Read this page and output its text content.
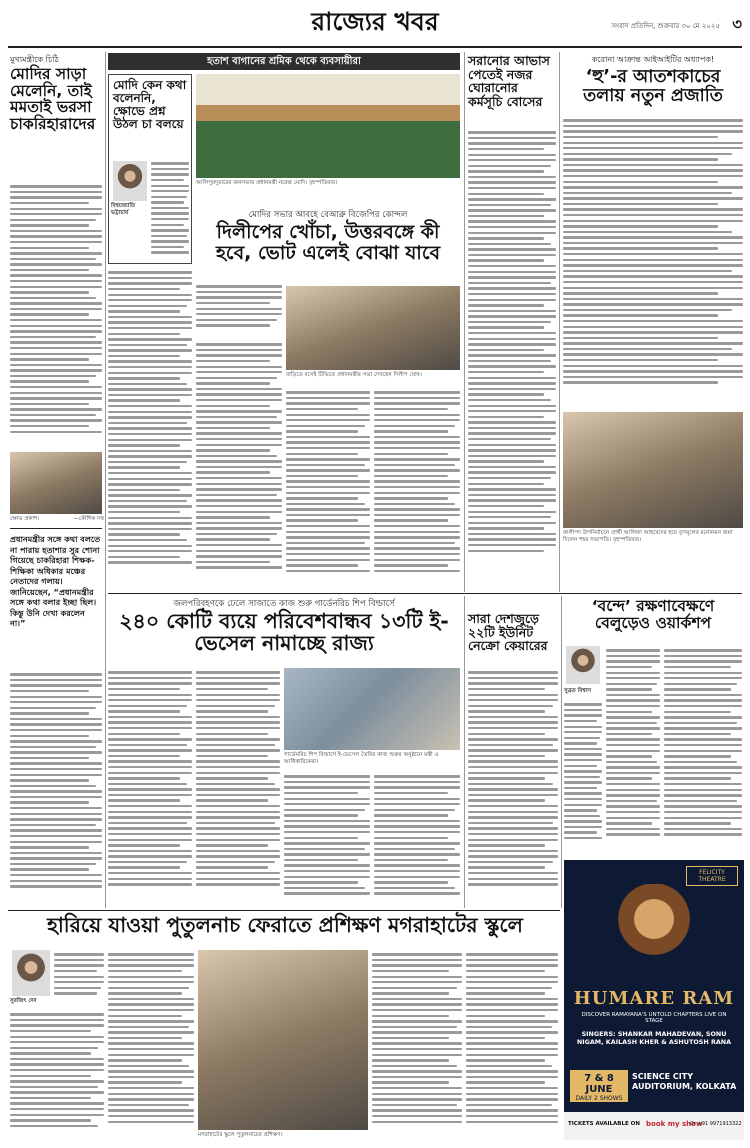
রাজ্যের খবর	সংবাদ প্রতিদিন, শুক্রবার ৩০ মে ২০২৫ ৩
মুখ্যমন্ত্রীকে চিঠি
মোদির সাড়া মেলেনি, তাই মমতাই ভরসা চাকরিহারাদের
ক্ষোভ প্রকাশ।	—কৌশিক দত্ত
প্রধানমন্ত্রীর সঙ্গে কথা বলতে না পারায় হতাশার সুর শোনা গিয়েছে চাকরিহারা শিক্ষক-শিক্ষিকা অধিকার মঞ্চের নেতাদের গলায়। জানিয়েছেন, “প্রধানমন্ত্রীর সঙ্গে কথা বলার ইচ্ছা ছিল। কিন্তু উনি দেখা করলেন না।”
হতাশ বাগানের শ্রমিক থেকে ব্যবসায়ীরা
মোদি কেন কথা বলেননি, ক্ষোভে প্রশ্ন উঠল চা বলয়ে
বিশ্বজ্যোতি ভট্টাচার্য
আলিপুরদুয়ারের জনসভায় প্রধানমন্ত্রী নরেন্দ্র মোদি। বৃহস্পতিবার।
মোদির সভার আবহে বেআব্রু বিজেপির কোন্দল
দিলীপের খোঁচা, উত্তরবঙ্গে কী হবে, ভোট এলেই বোঝা যাবে
বাড়িতে বসেই টিভিতে প্রধানমন্ত্রীর সভা দেখছেন দিলীপ ঘোষ।
সরানোর আভাস পেতেই নজর ঘোরানোর কর্মসূচি বোসের
করোনা আক্রান্ত আইআইটির অধ্যাপক!
‘হু’-র আতশকাচের তলায় নতুন প্রজাতি
কালীপদ উপনির্বাচনে প্রার্থী আলিফা আহমেদের হয়ে তৃণমূলের মনোনয়ন জমা দিলেন শহর সভাপতি। বৃহস্পতিবার।
জলপরিবহণকে ঢেলে সাজাতে কাজ শুরু গার্ডেনরিচ শিপ বিল্ডার্সে
২৪০ কোটি ব্যয়ে পরিবেশবান্ধব ১৩টি ই-ভেসেল নামাচ্ছে রাজ্য
গার্ডেনরিচ শিপ বিল্ডার্সে ই-ভেসেল তৈরির কাজ শুরুর অনুষ্ঠানে মন্ত্রী ও আধিকারিকেরা।
সারা দেশজুড়ে ২২টি ইউনিট নেক্রো কেয়ারের
‘বন্দে’ রক্ষণাবেক্ষণে বেলুড়েও ওয়ার্কশপ
সুব্রত বিশ্বাস
FELICITY THEATRE
HUMARE RAM
DISCOVER RAMAYANA'S UNTOLD CHAPTERS LIVE ON STAGE
SINGERS: SHANKAR MAHADEVAN, SONU NIGAM, KAILASH KHER & ASHUTOSH RANA
7 & 8 JUNE
DAILY 2 SHOWS
SCIENCE CITY AUDITORIUM, KOLKATA
TICKETS AVAILABLE ON book my show
Or +91 9971913322
হারিয়ে যাওয়া পুতুলনাচ ফেরাতে প্রশিক্ষণ মগরাহাটের স্কুলে
সুরজিৎ দেব
মগরাহাটের স্কুলে পুতুলনাচের প্রশিক্ষণ।
